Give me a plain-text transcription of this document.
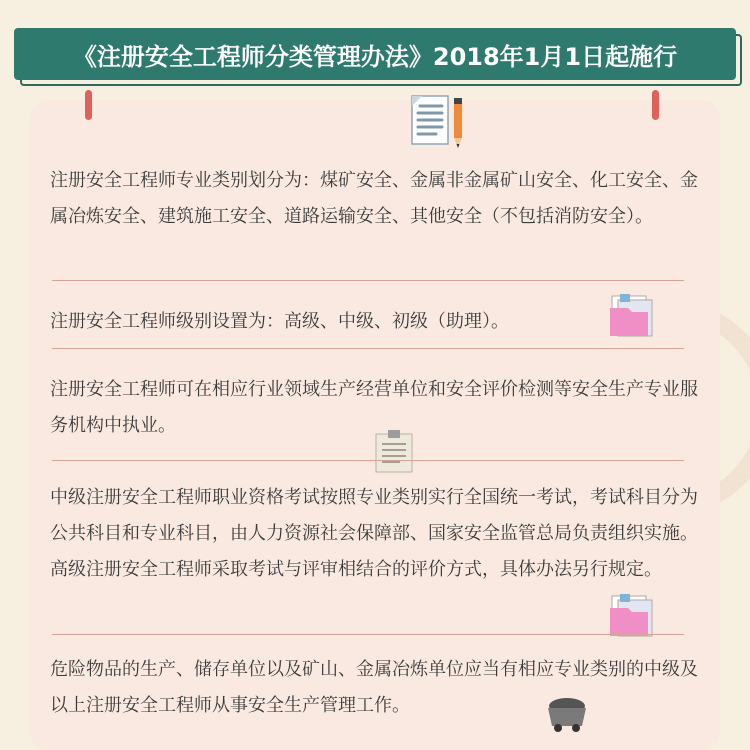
《注册安全工程师分类管理办法》2018年1月1日起施行

注册安全工程师专业类别划分为：煤矿安全、金属非金属矿山安全、化工安全、金属冶炼安全、建筑施工安全、道路运输安全、其他安全（不包括消防安全）。

注册安全工程师级别设置为：高级、中级、初级（助理）。

注册安全工程师可在相应行业领域生产经营单位和安全评价检测等安全生产专业服务机构中执业。

中级注册安全工程师职业资格考试按照专业类别实行全国统一考试，考试科目分为公共科目和专业科目，由人力资源社会保障部、国家安全监管总局负责组织实施。高级注册安全工程师采取考试与评审相结合的评价方式，具体办法另行规定。

危险物品的生产、储存单位以及矿山、金属冶炼单位应当有相应专业类别的中级及以上注册安全工程师从事安全生产管理工作。
